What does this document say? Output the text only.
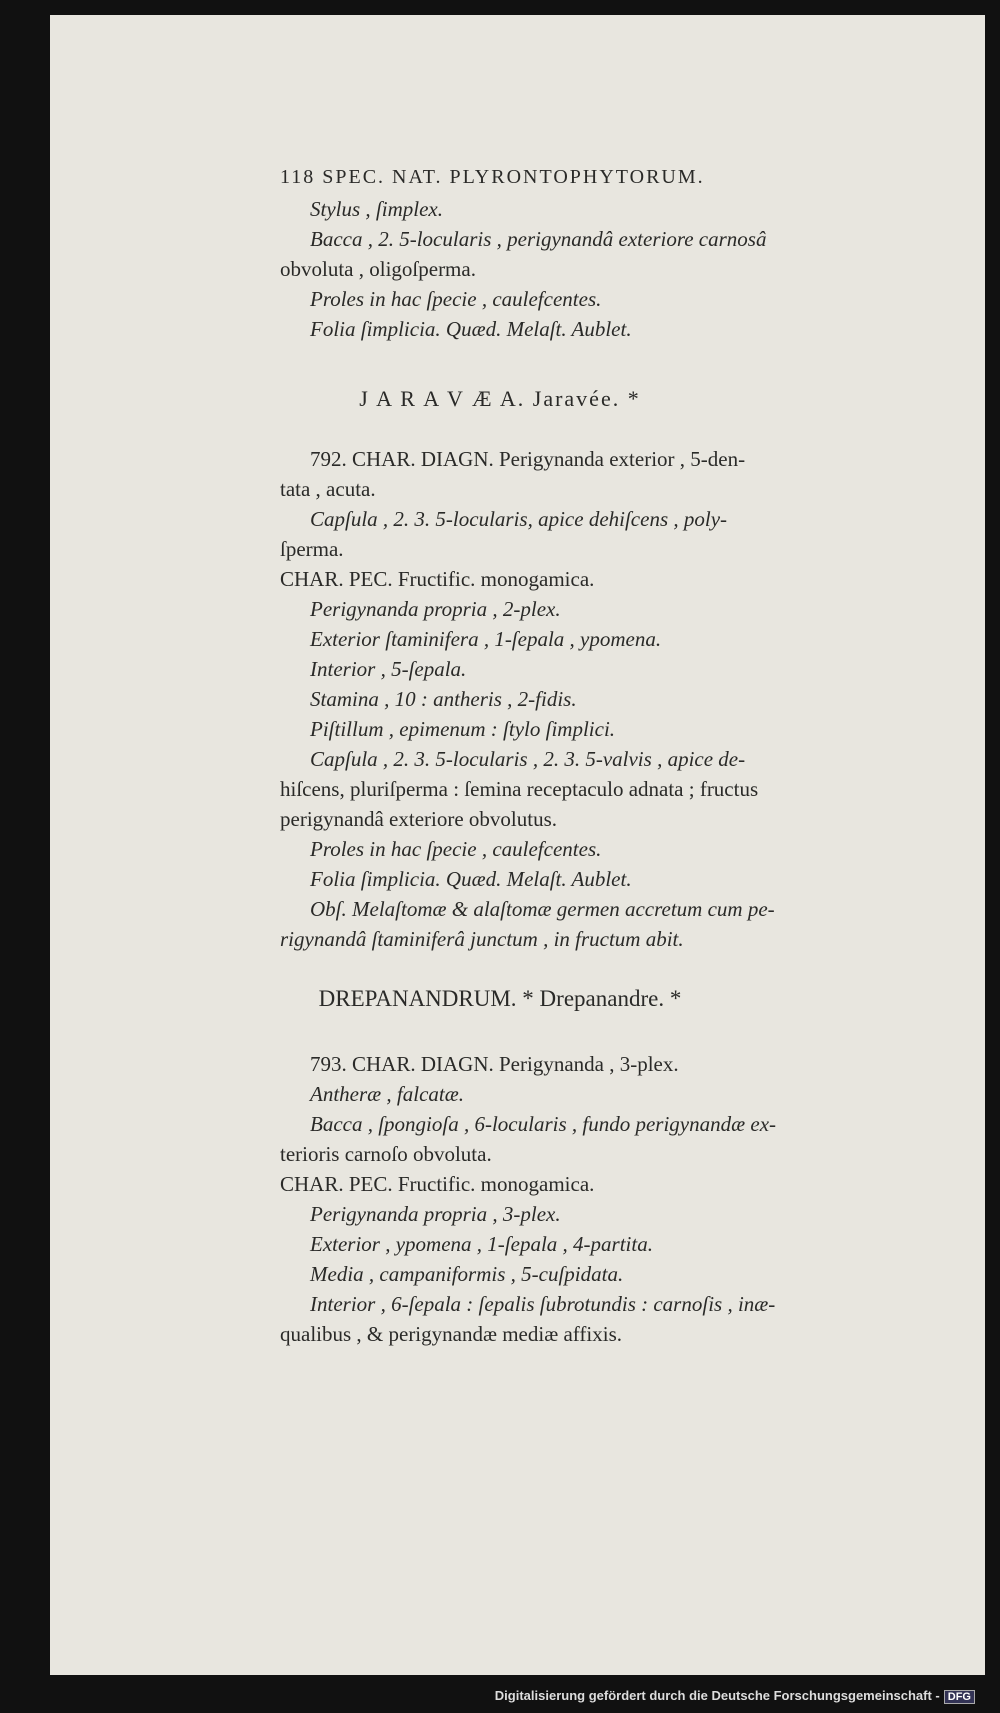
118 SPEC. NAT. PLYRONTOPHYTORUM.
Stylus , ſimplex.
Bacca , 2. 5-locularis , perigynandâ exteriore carnosâ
obvoluta , oligoſperma.
Proles in hac ſpecie , caulefcentes.
Folia ſimplicia. Quæd. Melaſt. Aublet.
J A R A V Æ A. Jaravée. *
792. CHAR. DIAGN. Perigynanda exterior , 5-den-
tata , acuta.
Capſula , 2. 3. 5-locularis, apice dehiſcens , poly-
ſperma.
CHAR. PEC. Fructific. monogamica.
Perigynanda propria , 2-plex.
Exterior ſtaminifera , 1-ſepala , ypomena.
Interior , 5-ſepala.
Stamina , 10 : antheris , 2-fidis.
Piſtillum , epimenum : ſtylo ſimplici.
Capſula , 2. 3. 5-locularis , 2. 3. 5-valvis , apice de-
hiſcens, pluriſperma : ſemina receptaculo adnata ; fructus
perigynandâ exteriore obvolutus.
Proles in hac ſpecie , caulefcentes.
Folia ſimplicia. Quæd. Melaſt. Aublet.
Obſ. Melaſtomæ & alaſtomæ germen accretum cum pe-
rigynandâ ſtaminiferâ junctum , in fructum abit.
DREPANANDRUM. * Drepanandre. *
793. CHAR. DIAGN. Perigynanda , 3-plex.
Antheræ , falcatæ.
Bacca , ſpongioſa , 6-locularis , fundo perigynandæ ex-
terioris carnoſo obvoluta.
CHAR. PEC. Fructific. monogamica.
Perigynanda propria , 3-plex.
Exterior , ypomena , 1-ſepala , 4-partita.
Media , campaniformis , 5-cuſpidata.
Interior , 6-ſepala : ſepalis ſubrotundis : carnoſis , inæ-
qualibus , & perigynandæ mediæ affixis.
Digitalisierung gefördert durch die Deutsche Forschungsgemeinschaft - DFG
